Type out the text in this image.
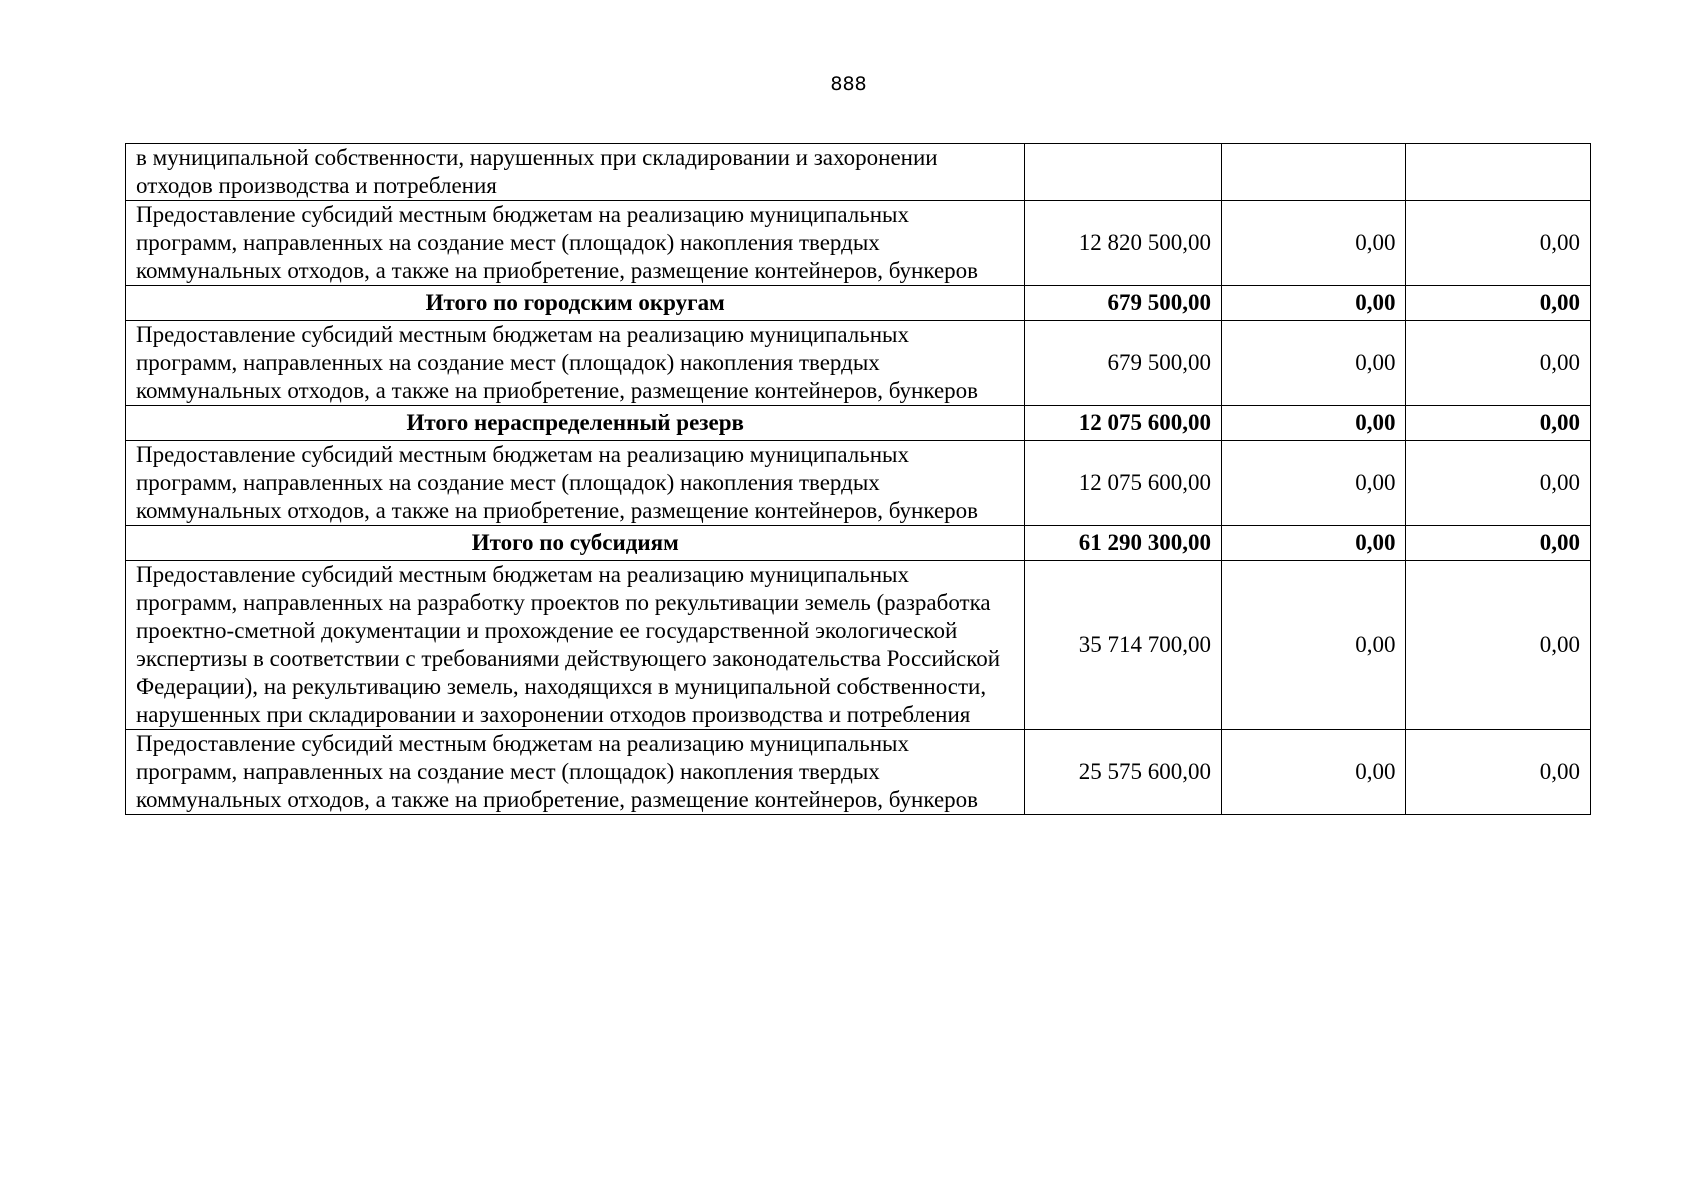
888
в муниципальной собственности, нарушенных при складировании и захоронении отходов производства и потребления			
Предоставление субсидий местным бюджетам на реализацию муниципальных программ, направленных на создание мест (площадок) накопления твердых коммунальных отходов, а также на приобретение, размещение контейнеров, бункеров	12 820 500,00	0,00	0,00
Итого по городским округам	679 500,00	0,00	0,00
Предоставление субсидий местным бюджетам на реализацию муниципальных программ, направленных на создание мест (площадок) накопления твердых коммунальных отходов, а также на приобретение, размещение контейнеров, бункеров	679 500,00	0,00	0,00
Итого нераспределенный резерв	12 075 600,00	0,00	0,00
Предоставление субсидий местным бюджетам на реализацию муниципальных программ, направленных на создание мест (площадок) накопления твердых коммунальных отходов, а также на приобретение, размещение контейнеров, бункеров	12 075 600,00	0,00	0,00
Итого по субсидиям	61 290 300,00	0,00	0,00
Предоставление субсидий местным бюджетам на реализацию муниципальных программ, направленных на разработку проектов по рекультивации земель (разработка проектно-сметной документации и прохождение ее государственной экологической экспертизы в соответствии с требованиями действующего законодательства Российской Федерации), на рекультивацию земель, находящихся в муниципальной собственности, нарушенных при складировании и захоронении отходов производства и потребления	35 714 700,00	0,00	0,00
Предоставление субсидий местным бюджетам на реализацию муниципальных программ, направленных на создание мест (площадок) накопления твердых коммунальных отходов, а также на приобретение, размещение контейнеров, бункеров	25 575 600,00	0,00	0,00
